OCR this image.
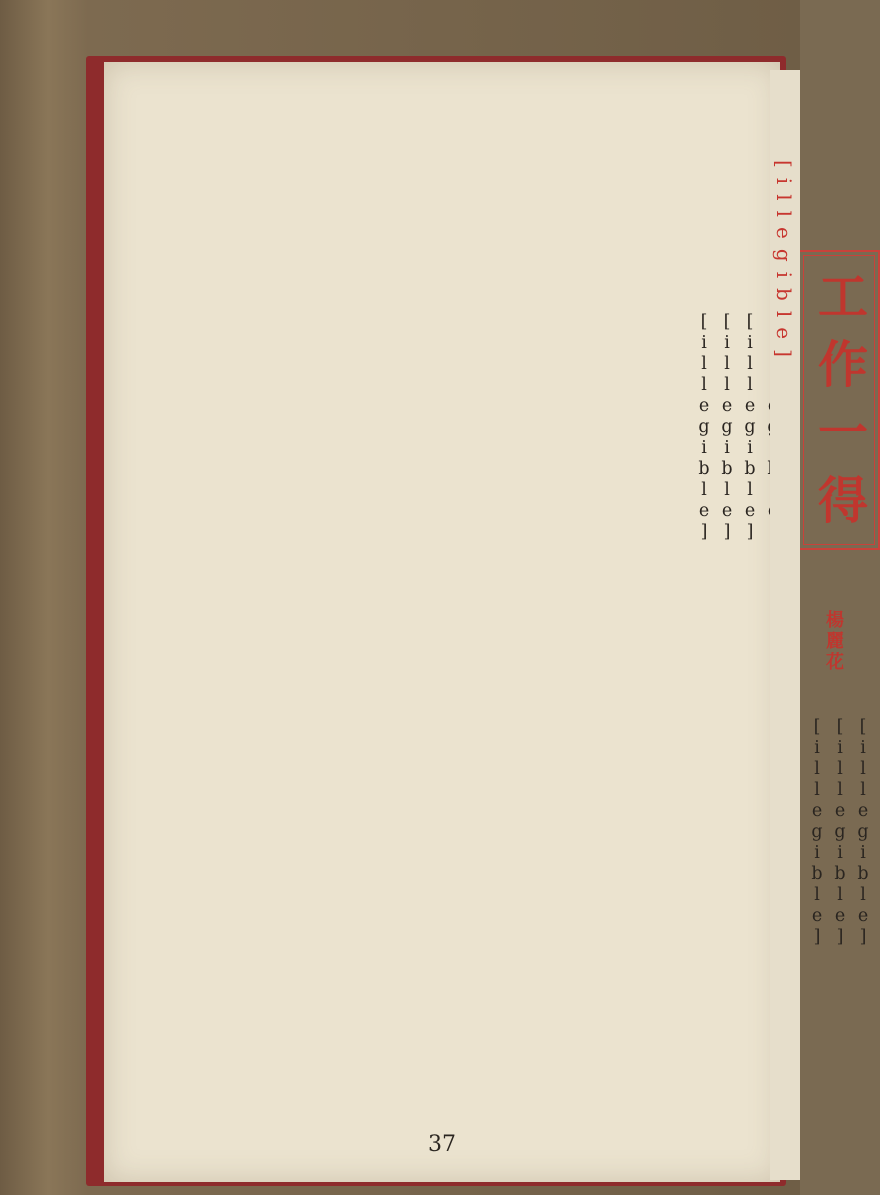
工作一得
楊麗花

[illegible]

[illegible]

[illegible]

[illegible]

[illegible]

[illegible]

37
[illegible]
